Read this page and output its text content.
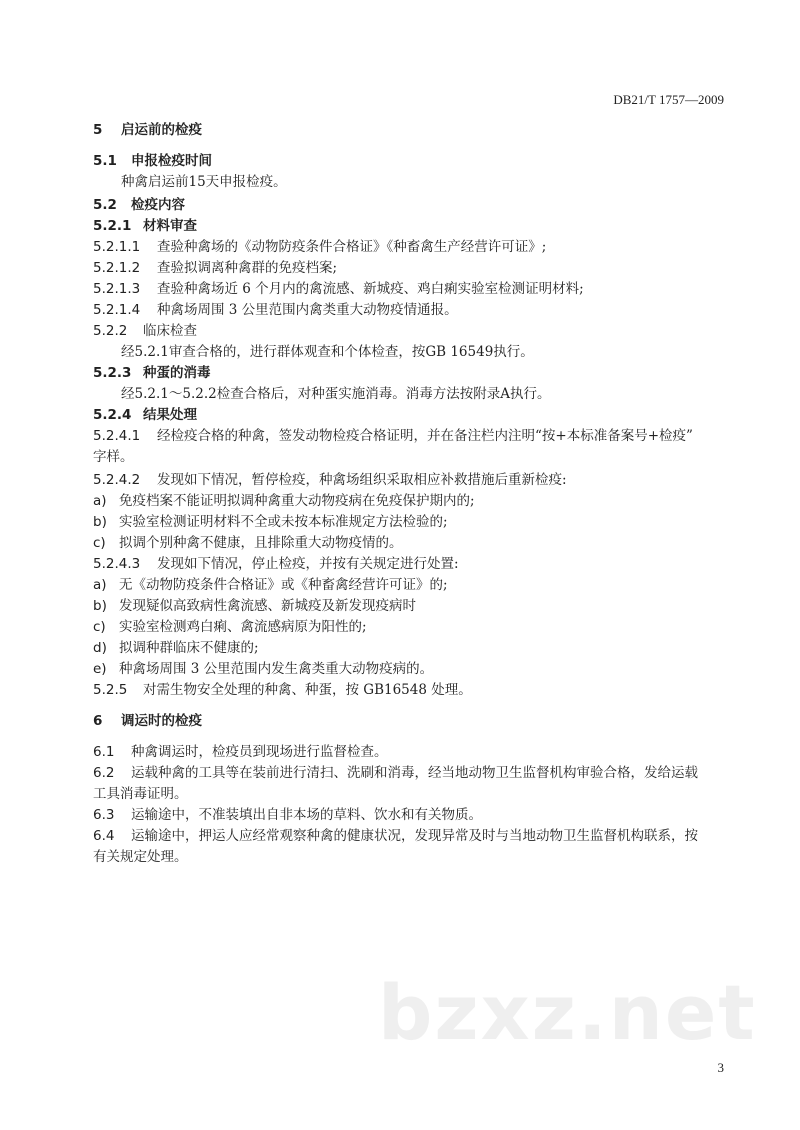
DB21/T 1757—2009
5 启运前的检疫
5.1 申报检疫时间
种禽启运前15天申报检疫。
5.2 检疫内容
5.2.1 材料审查
5.2.1.1 查验种禽场的《动物防疫条件合格证》《种畜禽生产经营许可证》;
5.2.1.2 查验拟调离种禽群的免疫档案;
5.2.1.3 查验种禽场近 6 个月内的禽流感、新城疫、鸡白痢实验室检测证明材料;
5.2.1.4 种禽场周围 3 公里范围内禽类重大动物疫情通报。
5.2.2 临床检查
经5.2.1审查合格的，进行群体观查和个体检查，按GB 16549执行。
5.2.3 种蛋的消毒
经5.2.1～5.2.2检查合格后，对种蛋实施消毒。消毒方法按附录A执行。
5.2.4 结果处理
5.2.4.1 经检疫合格的种禽，签发动物检疫合格证明，并在备注栏内注明“按+本标准备案号+检疫”
字样。
5.2.4.2 发现如下情况，暂停检疫，种禽场组织采取相应补救措施后重新检疫:
a) 免疫档案不能证明拟调种禽重大动物疫病在免疫保护期内的;
b) 实验室检测证明材料不全或未按本标准规定方法检验的;
c) 拟调个别种禽不健康，且排除重大动物疫情的。
5.2.4.3 发现如下情况，停止检疫，并按有关规定进行处置:
a) 无《动物防疫条件合格证》或《种畜禽经营许可证》的;
b) 发现疑似高致病性禽流感、新城疫及新发现疫病时
c) 实验室检测鸡白痢、禽流感病原为阳性的;
d) 拟调种群临床不健康的;
e) 种禽场周围 3 公里范围内发生禽类重大动物疫病的。
5.2.5 对需生物安全处理的种禽、种蛋，按 GB16548 处理。
6 调运时的检疫
6.1 种禽调运时，检疫员到现场进行监督检查。
6.2 运载种禽的工具等在装前进行清扫、洗刷和消毒，经当地动物卫生监督机构审验合格，发给运载
工具消毒证明。
6.3 运输途中，不准装填出自非本场的草料、饮水和有关物质。
6.4 运输途中，押运人应经常观察种禽的健康状况，发现异常及时与当地动物卫生监督机构联系，按
有关规定处理。
bzxz.net
3
